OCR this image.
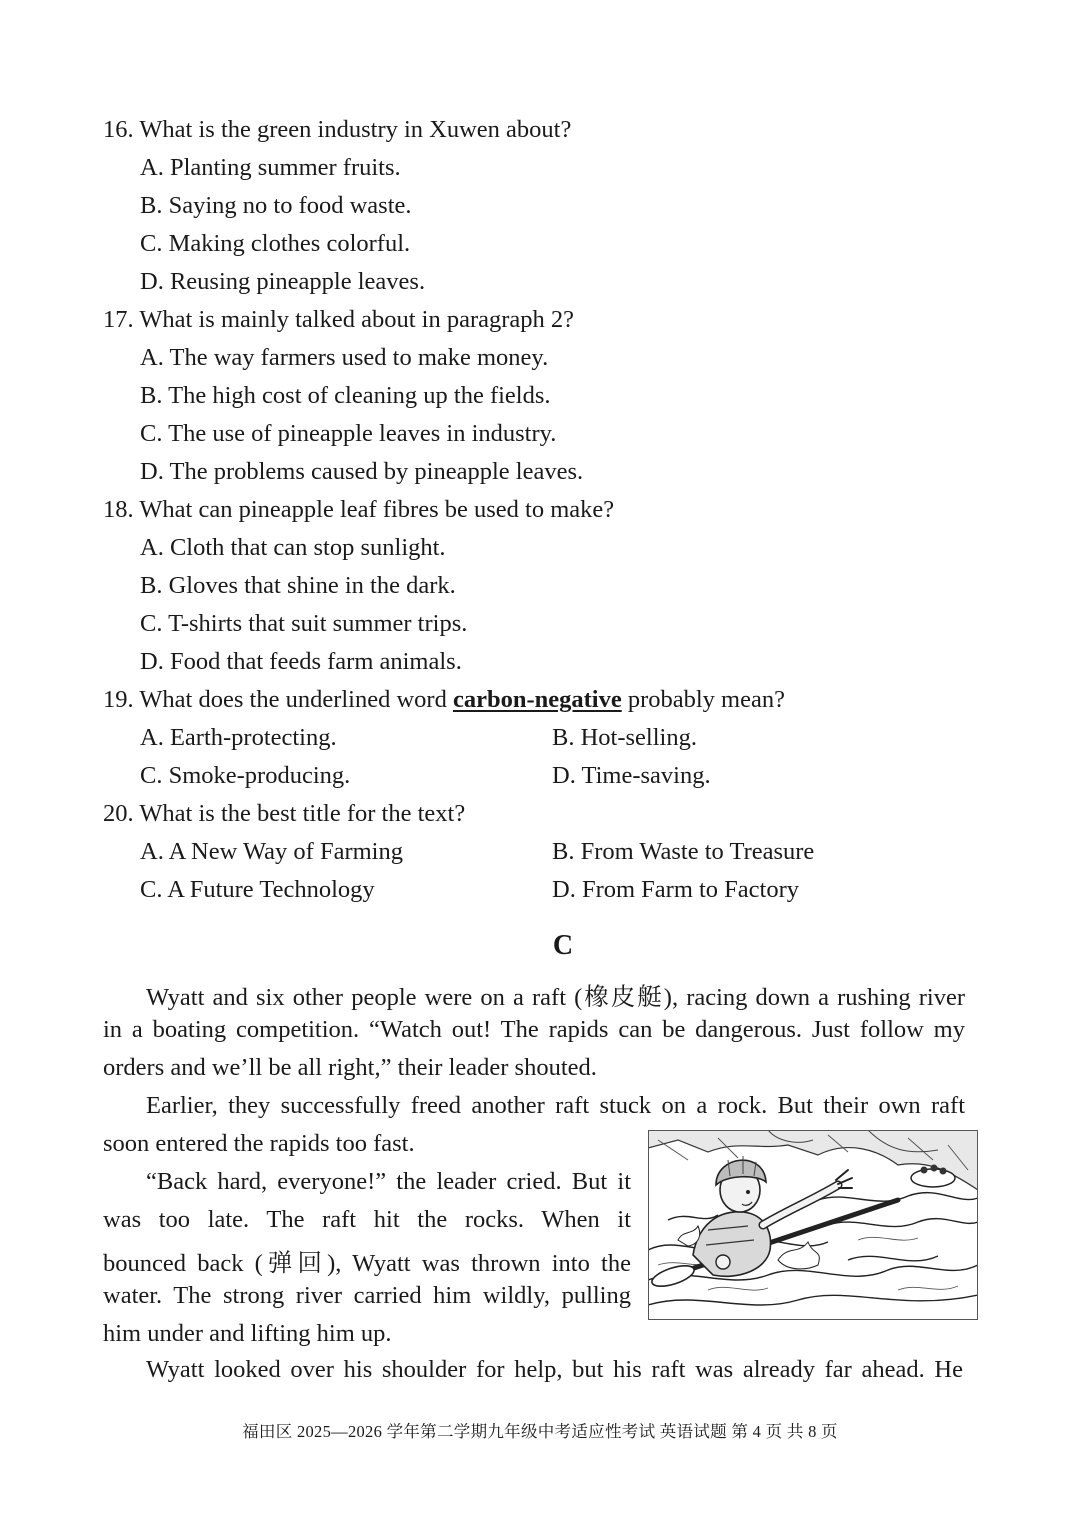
16. What is the green industry in Xuwen about?
A. Planting summer fruits.
B. Saying no to food waste.
C. Making clothes colorful.
D. Reusing pineapple leaves.
17. What is mainly talked about in paragraph 2?
A. The way farmers used to make money.
B. The high cost of cleaning up the fields.
C. The use of pineapple leaves in industry.
D. The problems caused by pineapple leaves.
18. What can pineapple leaf fibres be used to make?
A. Cloth that can stop sunlight.
B. Gloves that shine in the dark.
C. T-shirts that suit summer trips.
D. Food that feeds farm animals.
19. What does the underlined word carbon-negative probably mean?
A. Earth-protecting.	B. Hot-selling.
C. Smoke-producing.	D. Time-saving.
20. What is the best title for the text?
A. A New Way of Farming	B. From Waste to Treasure
C. A Future Technology	D. From Farm to Factory
C
Wyatt and six other people were on a raft (橡皮艇), racing down a rushing river
in a boating competition. “Watch out! The rapids can be dangerous. Just follow my
orders and we’ll be all right,” their leader shouted.
Earlier, they successfully freed another raft stuck on a rock. But their own raft
soon entered the rapids too fast.
“Back hard, everyone!” the leader cried. But it
was too late. The raft hit the rocks. When it
bounced back (弹回), Wyatt was thrown into the
water. The strong river carried him wildly, pulling
him under and lifting him up.
Wyatt looked over his shoulder for help, but his raft was already far ahead. He
福田区 2025—2026 学年第二学期九年级中考适应性考试 英语试题 第 4 页 共 8 页
